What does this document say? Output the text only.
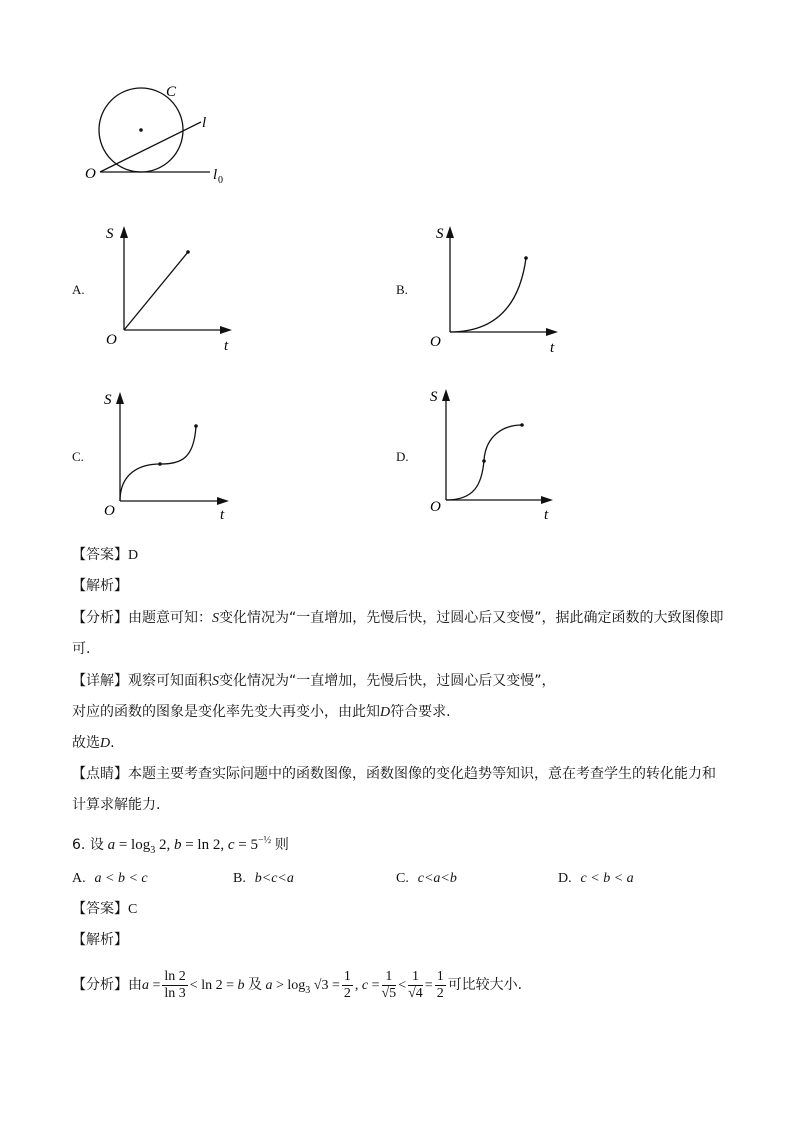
C
l
O	l 0
A.
S
t
O
B.
S
t
O
C.
S
t
O
D.
S
t
O
【答案】D
【解析】
【分析】由题意可知：S变化情况为“一直增加，先慢后快，过圆心后又变慢”，据此确定函数的大致图像即
可.
【详解】观察可知面积S变化情况为“一直增加，先慢后快，过圆心后又变慢”，
对应的函数的图象是变化率先变大再变小，由此知D符合要求.
故选D.
【点睛】本题主要考查实际问题中的函数图像，函数图像的变化趋势等知识，意在考查学生的转化能力和
计算求解能力.
6. 设 $a = \log_3 2$, b = ln 2, $c = 5^{-\frac{1}{2}}$ 则
A. a < b < c	B. b<c<a	C. c<a<b	D. c < b < a
【答案】C
【解析】
【分析】由$a = \frac{\ln 2}{\ln 3} < \ln 2 = b$ 及 $a > \log_3 √3 = \frac{1}{2}$ , $c = \frac{1}{√5} < \frac{1}{√4} = \frac{1}{2}$ 可比较大小.
